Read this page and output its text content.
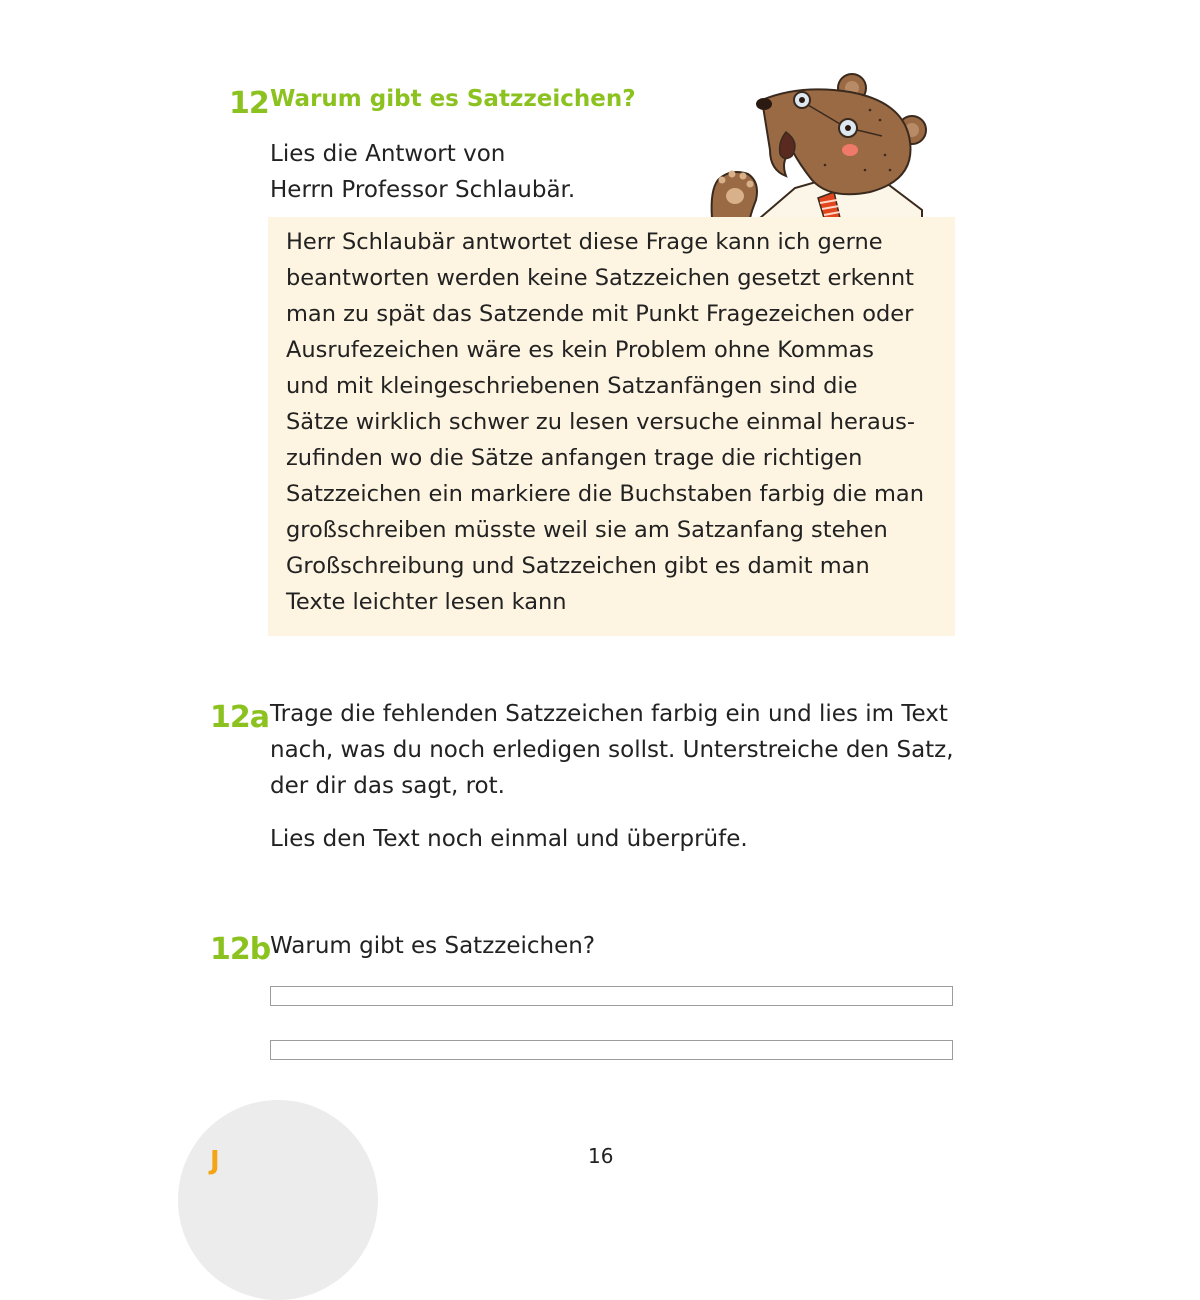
12 Warum gibt es Satzzeichen?
Lies die Antwort von
Herrn Professor Schlaubär.
Herr Schlaubär antwortet diese Frage kann ich gerne
beantworten werden keine Satzzeichen gesetzt erkennt
man zu spät das Satzende mit Punkt Fragezeichen oder
Ausrufezeichen wäre es kein Problem ohne Kommas
und mit kleingeschriebenen Satzanfängen sind die
Sätze wirklich schwer zu lesen versuche einmal heraus-
zufinden wo die Sätze anfangen trage die richtigen
Satzzeichen ein markiere die Buchstaben farbig die man
großschreiben müsste weil sie am Satzanfang stehen
Großschreibung und Satzzeichen gibt es damit man
Texte leichter lesen kann
12a Trage die fehlenden Satzzeichen farbig ein und lies im Text
nach, was du noch erledigen sollst. Unterstreiche den Satz,
der dir das sagt, rot.
Lies den Text noch einmal und überprüfe.
12b Warum gibt es Satzzeichen?
J	16
